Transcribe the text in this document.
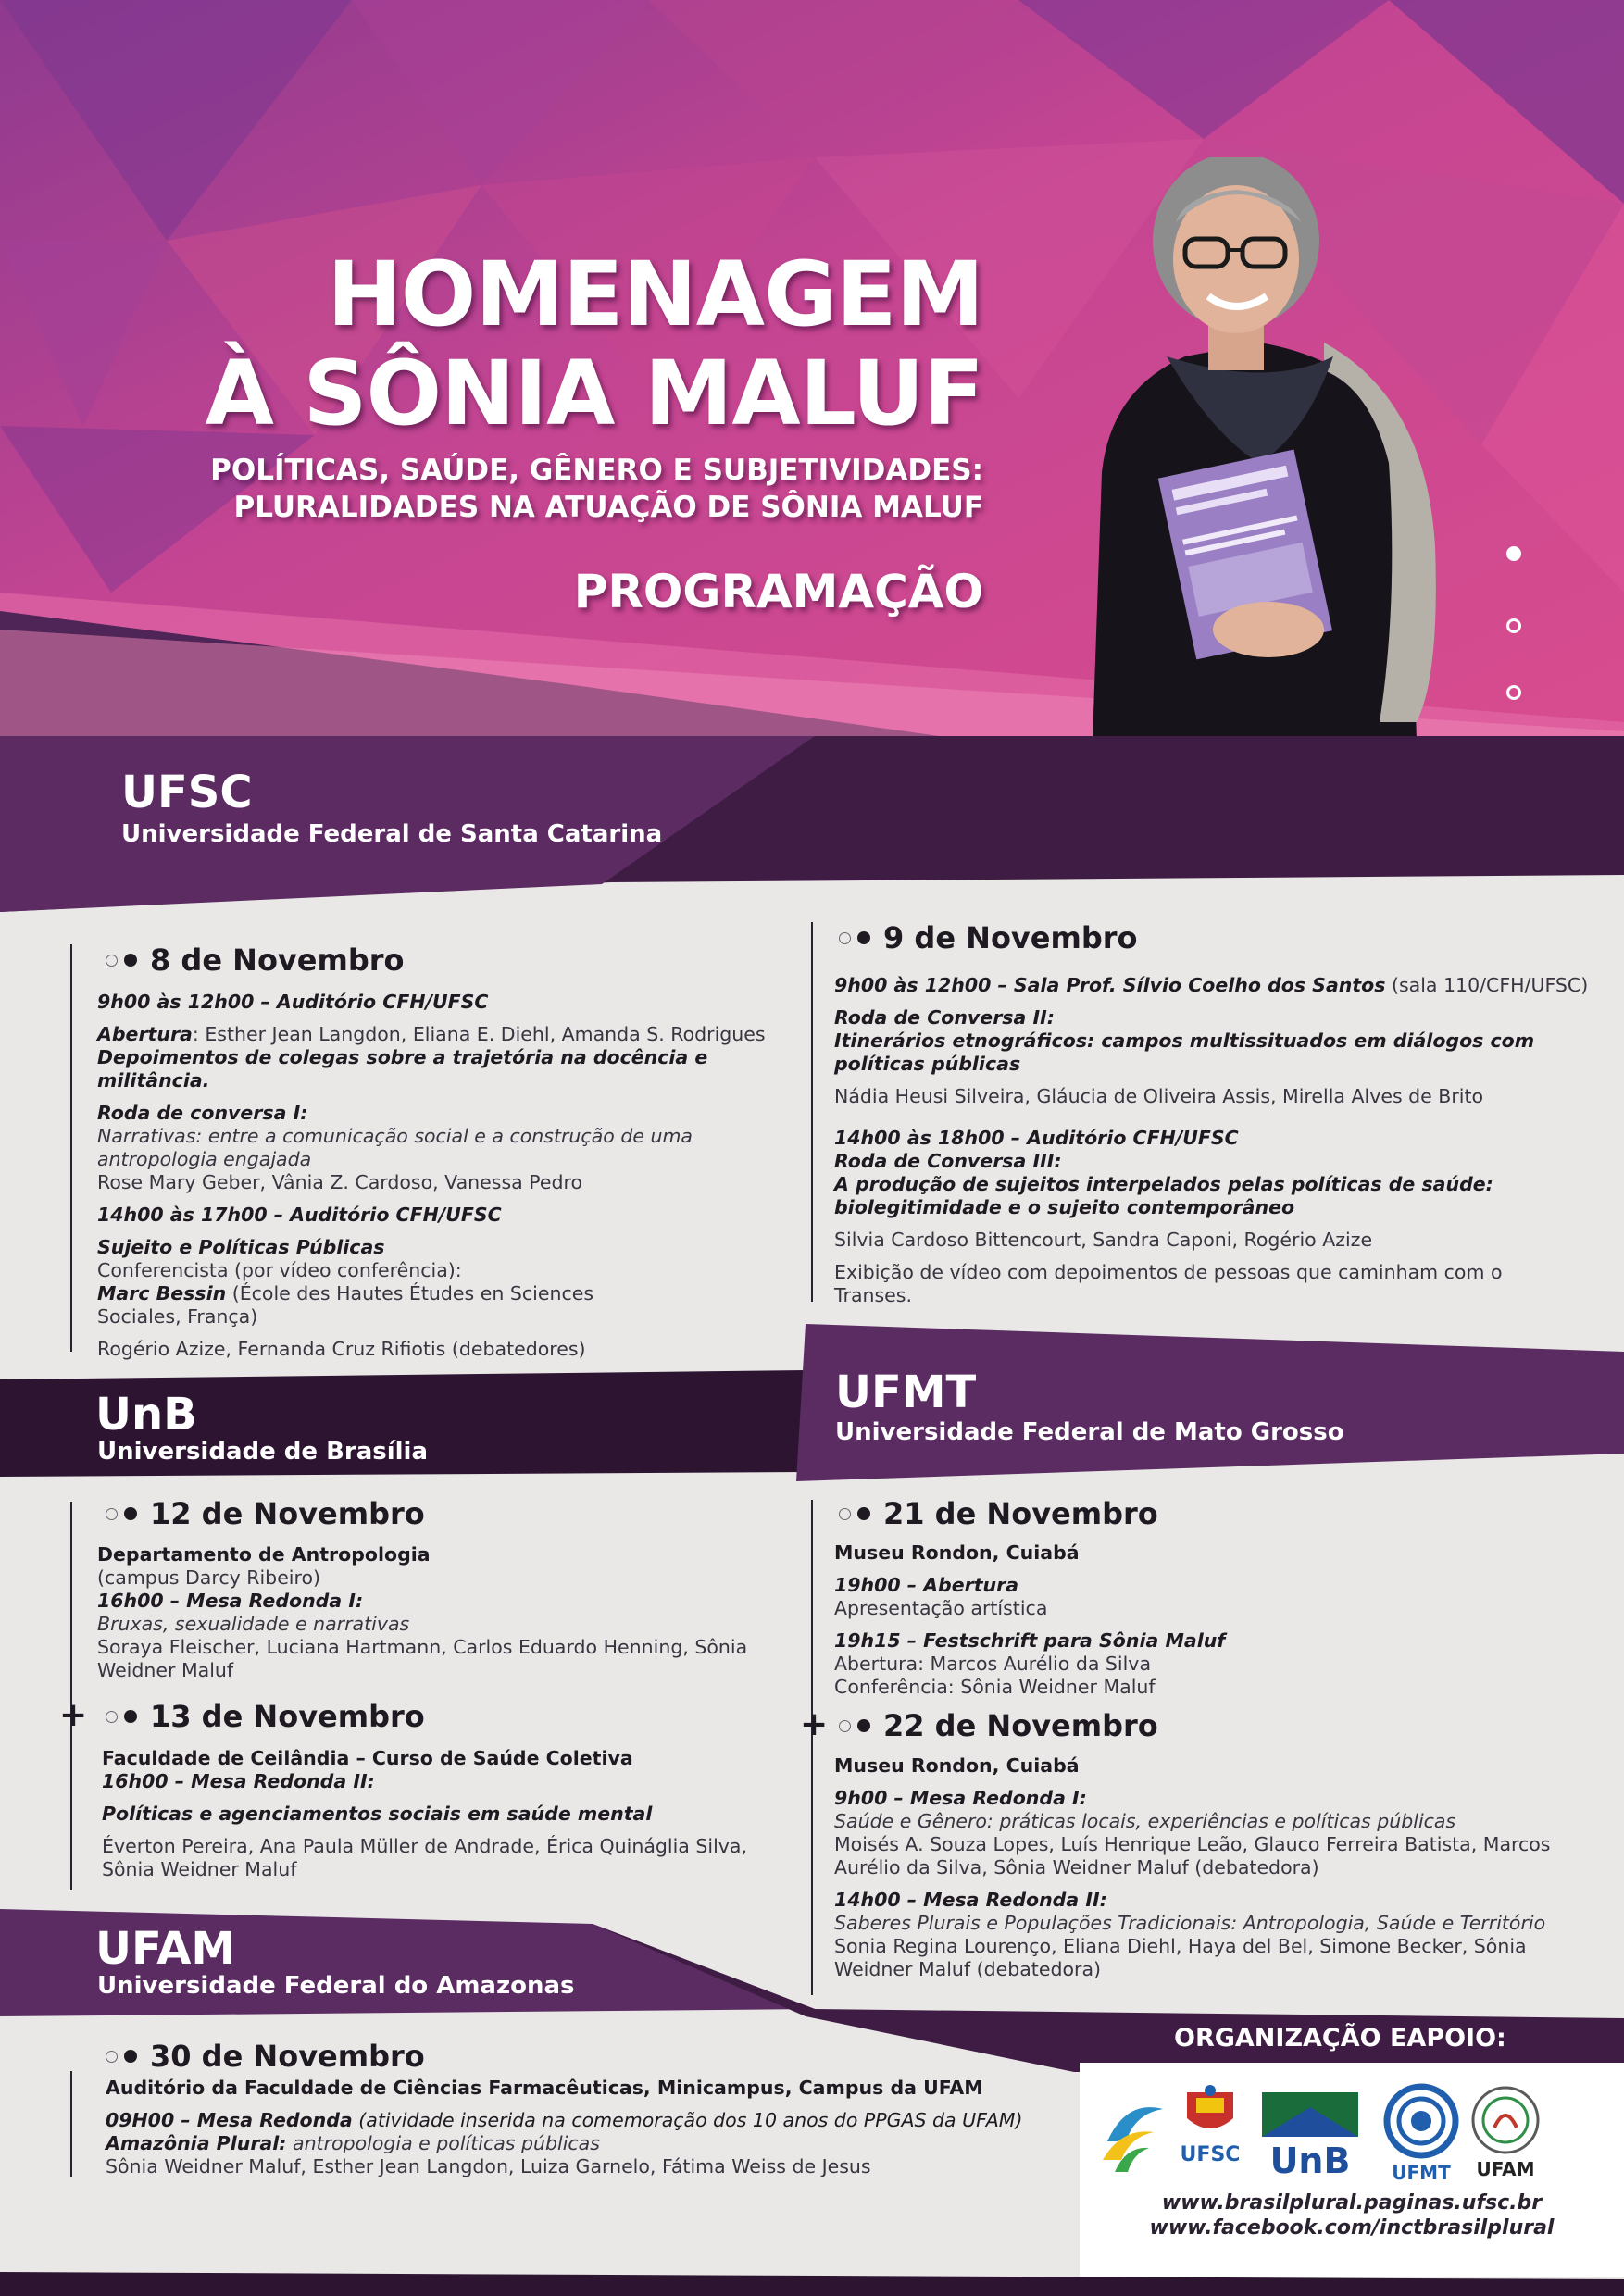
HOMENAGEM
À SÔNIA MALUF
POLÍTICAS, SAÚDE, GÊNERO E SUBJETIVIDADES:
PLURALIDADES NA ATUAÇÃO DE SÔNIA MALUF
PROGRAMAÇÃO
UFSC
Universidade Federal de Santa Catarina
8 de Novembro

9h00 às 12h00 – Auditório CFH/UFSC

Abertura: Esther Jean Langdon, Eliana E. Diehl, Amanda S. Rodrigues

Depoimentos de colegas sobre a trajetória na docência e militância.

Roda de conversa I:

Narrativas: entre a comunicação social e a construção de uma

antropologia engajada

Rose Mary Geber, Vânia Z. Cardoso, Vanessa Pedro

14h00 às 17h00 – Auditório CFH/UFSC

Sujeito e Políticas Públicas

Conferencista (por vídeo conferência):

Marc Bessin (École des Hautes Études en Sciences

Sociales, França)

Rogério Azize, Fernanda Cruz Rifiotis (debatedores)

9 de Novembro

9h00 às 12h00 – Sala Prof. Sílvio Coelho dos Santos (sala 110/CFH/UFSC)

Roda de Conversa II:

Itinerários etnográficos: campos multissituados em diálogos com

políticas públicas

Nádia Heusi Silveira, Gláucia de Oliveira Assis, Mirella Alves de Brito

14h00 às 18h00 – Auditório CFH/UFSC

Roda de Conversa III:

A produção de sujeitos interpelados pelas políticas de saúde:

biolegitimidade e o sujeito contemporâneo

Silvia Cardoso Bittencourt, Sandra Caponi, Rogério Azize

Exibição de vídeo com depoimentos de pessoas que caminham com o

Transes.

UnB
Universidade de Brasília
UFMT
Universidade Federal de Mato Grosso
12 de Novembro

Departamento de Antropologia

(campus Darcy Ribeiro)

16h00 – Mesa Redonda I:

Bruxas, sexualidade e narrativas

Soraya Fleischer, Luciana Hartmann, Carlos Eduardo Henning, Sônia

Weidner Maluf

+ 13 de Novembro

Faculdade de Ceilândia – Curso de Saúde Coletiva

16h00 – Mesa Redonda II:

Políticas e agenciamentos sociais em saúde mental

Éverton Pereira, Ana Paula Müller de Andrade, Érica Quináglia Silva,

Sônia Weidner Maluf

21 de Novembro

Museu Rondon, Cuiabá

19h00 – Abertura

Apresentação artística

19h15 – Festschrift para Sônia Maluf

Abertura: Marcos Aurélio da Silva

Conferência: Sônia Weidner Maluf

+ 22 de Novembro

Museu Rondon, Cuiabá

9h00 – Mesa Redonda I:

Saúde e Gênero: práticas locais, experiências e políticas públicas

Moisés A. Souza Lopes, Luís Henrique Leão, Glauco Ferreira Batista, Marcos

Aurélio da Silva, Sônia Weidner Maluf (debatedora)

14h00 – Mesa Redonda II:

Saberes Plurais e Populações Tradicionais: Antropologia, Saúde e Território

Sonia Regina Lourenço, Eliana Diehl, Haya del Bel, Simone Becker, Sônia

Weidner Maluf (debatedora)

UFAM
Universidade Federal do Amazonas
ORGANIZAÇÃO EAPOIO:
30 de Novembro

Auditório da Faculdade de Ciências Farmacêuticas, Minicampus, Campus da UFAM

09H00 – Mesa Redonda (atividade inserida na comemoração dos 10 anos do PPGAS da UFAM)

Amazônia Plural: antropologia e políticas públicas

Sônia Weidner Maluf, Esther Jean Langdon, Luiza Garnelo, Fátima Weiss de Jesus	UFSC UnB	UFMT	UFAM
www.brasilplural.paginas.ufsc.br
www.facebook.com/inctbrasilplural
